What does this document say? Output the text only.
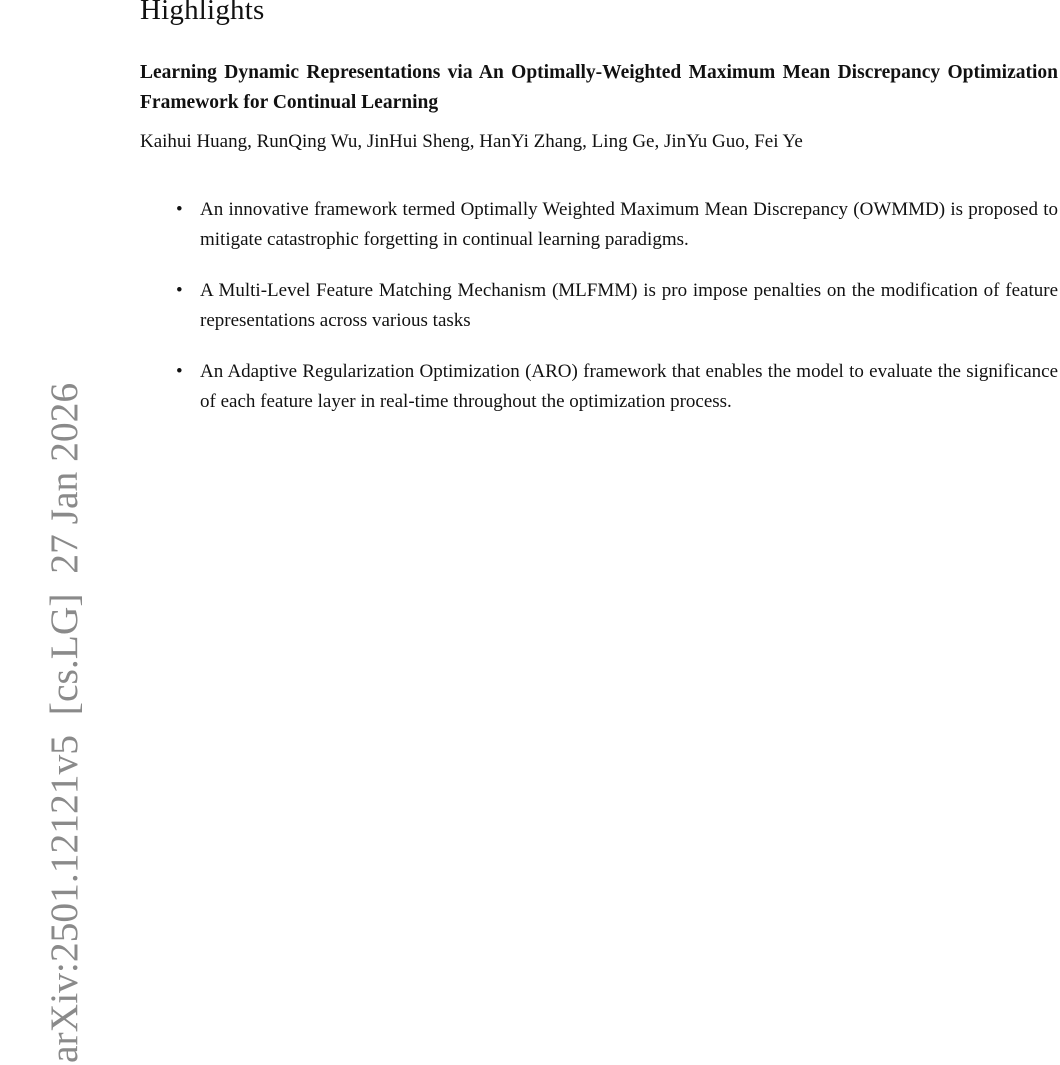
Highlights
Learning Dynamic Representations via An Optimally-Weighted Maximum Mean Discrepancy Optimization Framework for Continual Learning

Kaihui Huang, RunQing Wu, JinHui Sheng, HanYi Zhang, Ling Ge, JinYu Guo, Fei Ye

• An innovative framework termed Optimally Weighted Maximum Mean Discrepancy (OWMMD) is proposed to mitigate catastrophic forgetting in continual learning paradigms.
• A Multi-Level Feature Matching Mechanism (MLFMM) is pro impose penalties on the modification of feature representations across various tasks
• An Adaptive Regularization Optimization (ARO) framework that enables the model to evaluate the significance of each feature layer in real-time throughout the optimization process.
arXiv:2501.12121v5  [cs.LG]  27 Jan 2026
